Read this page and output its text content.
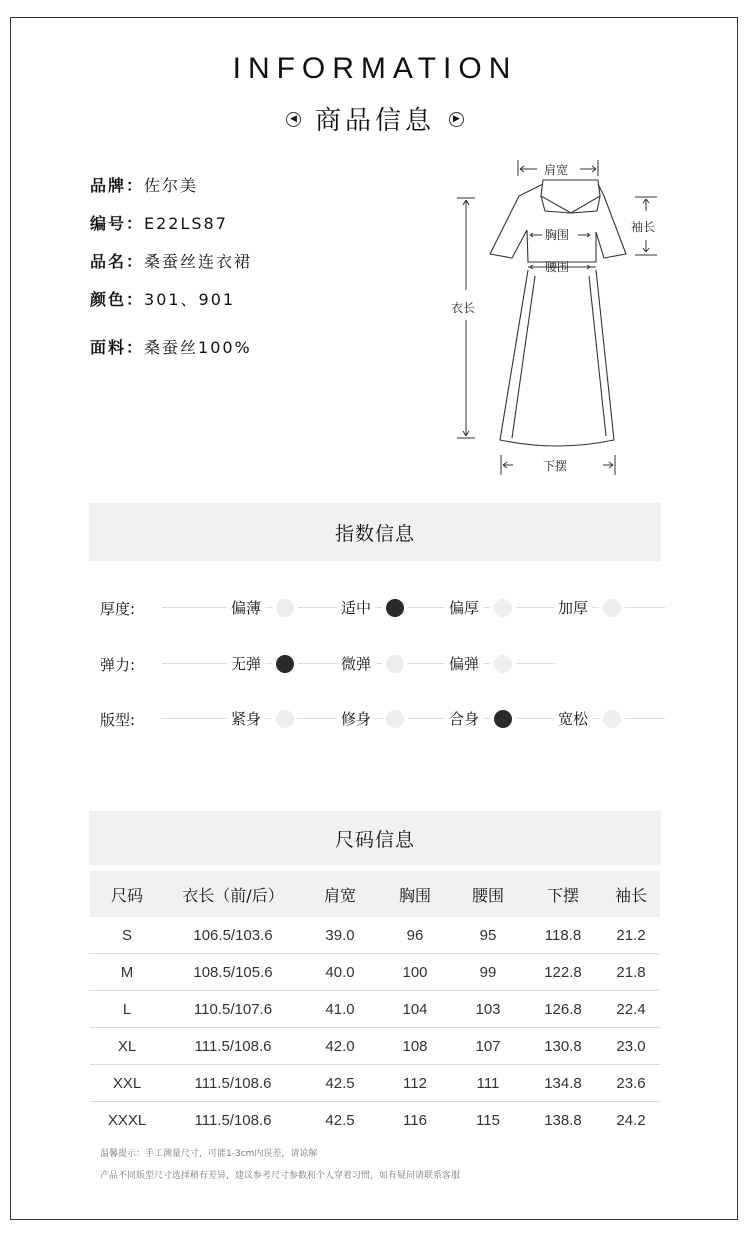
INFORMATION
◀ 商品信息 ▶
品牌：佐尔美
编号：E22LS87
品名：桑蚕丝连衣裙
颜色：301、901
面料：桑蚕丝100%
肩宽
袖长
胸围
腰围
衣长
下摆
指数信息
厚度:	偏薄	适中	偏厚	加厚
弹力:	无弹	微弹	偏弹
版型:	紧身	修身	合身	宽松
尺码信息
尺码	衣长（前/后）	肩宽	胸围	腰围	下摆	袖长
S	106.5/103.6	39.0	96	95	118.8	21.2
M	108.5/105.6	40.0	100	99	122.8	21.8
L	110.5/107.6	41.0	104	103	126.8	22.4
XL	111.5/108.6	42.0	108	107	130.8	23.0
XXL	111.5/108.6	42.5	112	111	134.8	23.6
XXXL	111.5/108.6	42.5	116	115	138.8	24.2
温馨提示：手工测量尺寸，可能1-3cm内误差，请谅解
产品不同版型尺寸选择稍有差异，建议参考尺寸参数和个人穿着习惯，如有疑问请联系客服
